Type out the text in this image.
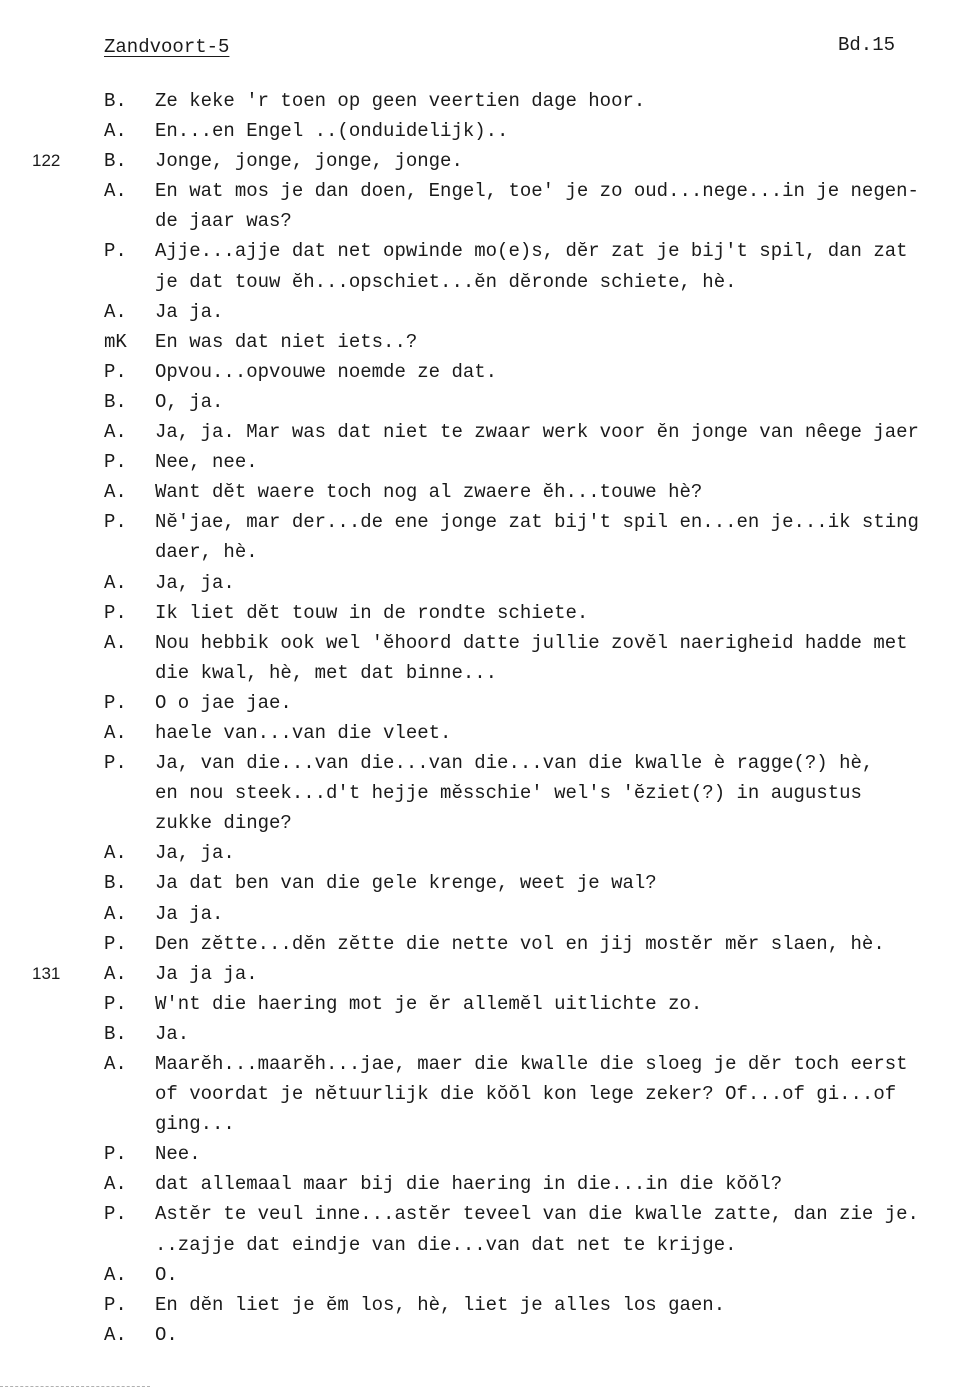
Zandvoort-5	Bd.15
B. Ze keke 'r toen op geen veertien dage hoor.
A. En...en Engel ..(onduidelijk)..
122 B. Jonge, jonge, jonge, jonge.
A. En wat mos je dan doen, Engel, toe' je zo oud...nege...in je negen-
de jaar was?
P. Ajje...ajje dat net opwinde mo(e)s, dĕr zat je bij't spil, dan zat
je dat touw ĕh...opschiet...ĕn dĕronde schiete, hè.
A. Ja ja.
mK En was dat niet iets..?
P. Opvou...opvouwe noemde ze dat.
B. O, ja.
A. Ja, ja. Mar was dat niet te zwaar werk voor ĕn jonge van nêege jaer
P. Nee, nee.
A. Want dĕt waere toch nog al zwaere ĕh...touwe hè?
P. Nĕ'jae, mar der...de ene jonge zat bij't spil en...en je...ik sting
daer, hè.
A. Ja, ja.
P. Ik liet dĕt touw in de rondte schiete.
A. Nou hebbik ook wel 'ĕhoord datte jullie zovĕl naerigheid hadde met
die kwal, hè, met dat binne...
P. O o jae jae.
A. haele van...van die vleet.
P. Ja, van die...van die...van die...van die kwalle è ragge(?) hè,
en nou steek...d't hejje mĕsschie' wel's 'ĕziet(?) in augustus
zukke dinge?
A. Ja, ja.
B. Ja dat ben van die gele krenge, weet je wal?
A. Ja ja.
P. Den zĕtte...dĕn zĕtte die nette vol en jij mostĕr mĕr slaen, hè.
131 A. Ja ja ja.
P. W'nt die haering mot je ĕr allemĕl uitlichte zo.
B. Ja.
A. Maarĕh...maarĕh...jae, maer die kwalle die sloeg je dĕr toch eerst
of voordat je nĕtuurlijk die kŏŏl kon lege zeker? Of...of gi...of
ging...
P. Nee.
A. dat allemaal maar bij die haering in die...in die kŏŏl?
P. Astĕr te veul inne...astĕr teveel van die kwalle zatte, dan zie je.
..zajje dat eindje van die...van dat net te krijge.
A. O.
P. En dĕn liet je ĕm los, hè, liet je alles los gaen.
A. O.
